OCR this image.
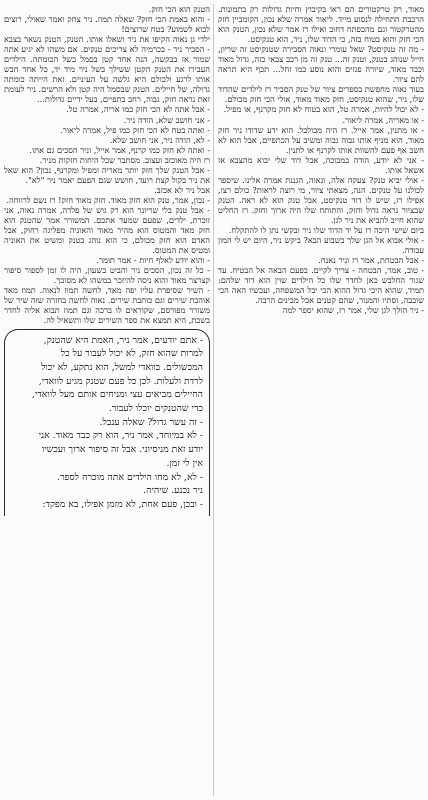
מאוד, רק טרקטורים הם ראו בקיבוץ וחיות גדולות רק בתמונות. הרכבת התחילה לנסוע מייד. ליאור אמרה שלא נכון, הקומביין חזק מהטרקטור וגם מהכפתח דחוב ואילו רז אמר שלא נכון, הטנק הוא הכי חזק והוא בטוח בזה, כי הדוד שלו, ניר, הוא טנקיסט.

- מה זה טנקיסט? שאל עומרי ונאוה הסבירה שטנקיסט זה שריון, חייל שנוהג בטנק, וטנק זה... טנק זה מן רכב צבאי כזה, גדול מאוד וכבד מאוד, שיורה פגזים והוא נוסע כמו זחל... תכף היא תראה להם ציור.

בעוד נאוה מחפשת בספרים ציור של טנק הסביר רז לילדים שהדוד שלו, ניר, שהוא טנקיסט, חזק מאוד מאוד, אולי הכי חזק מכולם.

- לא יכול להיות, אמרה טל, הוא בטוח לא חזק מקרנף, או מפיל.

- או מאריה, אמרה ליאור.

- או מתנין, אמר אייל. רז היה מבולבל. הוא ידע שדודו ניר חזק מאוד, הוא מניף אותו גבוה גבוה ומשיב על הכתפיים, אבל הוא לא חשב אף פעם להשוות אותו לקרנף או לתנין.

- אני לא יודע, הודה במבוכה, אבל דוד שלי יבוא מהצבא אז אשאל אותו.

- אולי יביא טנק? צעקה אלה, ונאוה, הגננת אמרה אלינו. שיספר לכולנו על טנקים. הנה, מצאתי ציור, מי רוצה לראות? כולם רצו, אפילו רז, שיש לו דוד טנקיסט, אבל טנק הוא לא ראה. הטנק שבציור נראה גדול וחזק, והתותח שלו היה ארוך וחזק. רז החליט שהוא חייב להביא את ניר לגן.

ביום שישי היכה רז על יד הדוד שלו ניר ובקשי נתן לו להתקלח.

- אולי אבוא אל הגן שלך בשבוע הבא? ביקש ניר, היום יש לי המון עבודה.

- אבל הבטחת, אמר רז וניר נאנח.

- טוב, אמר, הבטחה - צריך לקיים. בפעם הבאה אל הבטיח. עד שגור החלבש כאן לחדר שלו כל הילדים שוין הוא דוד שלהם: תמיד, שהוא היכי גדול ההוא הכי יבל המשפחה, ועכשיו האה הכי שובבה, וסתיו והמנור, שהם קטנים אבל מבינים הרבה.

- ניר הולך לגן שלי, אמר רז, שהוא יספר למה

הטנק הוא הכי חזק.

- והוא באמת הכי חזק? שאלה תמוז. ניר צחק ואמר שאולי, רוצים לבוא לשמוע? בטח שרוצים!

ילדי גן נאוה הקיפו את ניר ושאלו אותו. הטנק, הטנק נשאר בצבא - הסביר ניר - בכרמיה לא צריכים טנקים. אם משהו לא יגיע אתה שמור אז בבקשה, הנה אחד קטן בסמל בשל הכומתה. הילדים העבירו את הטנק הקטן ששילך בשל ניר מיד יד, כל אחד חבש אותו לרגע ולכולם היא גלשה על העיניים. זאת הייתה כומתה גדולה, של חיילים. הטנק שבסמל היה קטן ולא הרשים. ניר לעומת זאת נראה חזק, גבוה, רחב כתפיים, בעל ידיים גדולות...

- אבל אתה לא הכי חזק כמו אריה, אמרה טל.

- אני חושב שלא, הודה ניר.

- ואתה בטח לא הכי חזק כמו פיל, אמרה ליאור.

- לא, הודה ניר, אני חושב שלא.

- ואתה לא חזק כמו קרנף, אמר אייל, וניר הסכים גם אתו.

רז היה מאוכזב ועצוב. מסתבר שכל היחות חזקות מניר.

- אבל הטנק שלך חזק יותר מאריה ומפיל ומקרנף, נכון? הוא שאל את ניר בקול קצת רועד, חושש שגם הפעם יאמר ניר "לא".

אבל ניר לא אכזב.

- נכון, אמר, טנק הוא חזק מאוד. חזק מאוד חזק! רז נשם לרווחה.

- אבל טנק בלי שריונר הוא רק גוש של פלדה, אמרה נאוה, אני זוכרת, ילדים, שפעם שמעד אתכם. המשורר אמר שהטנק הוא חזק מאד והמטוס הוא מהיר מאוד והאוניה מפליגה רחוק, אבל האדם הוא חזק מכולם, כי הוא נוהג בטנק ומשיט את האוניה ומטיס את המטוס.

- והוא יודע לאלף חיות - אמר תומר.

- כל זה נכון, הסכים ניר והביט בשעון, היה לו זמן לספור סיפור קצרצר מאוד והוא ניסה להיזכר במשהו לא מסובך.

- השיר שסיפרת עליו יפה מאד, לחשה תמוז לנאוה. תמוז מאד אוהבת שירים וגם כותבת שירים. נאוה לחשה בחזרה שזה שיר של משורר מפורסם, שקוראים לו ברכה וגם תמוז תבוא אליה לחדר בשבת, היא תמצא את ספר השירים שלו ותשאיל לה.

- אתם יודעים, אמר ניר, האמת היא שהטנק,
למרות שהוא חזק, לא יכול לעבור על כל
המכשולים. בוואדי למשל, הוא נתקע, לא יכול
לרדת ולעלות. לכן כל פעם שטנק מגיע לוואדי,
החיילים מביאים עצי ומניחים אותם מעל לוואדי,
כדי שהטנקים יוכלו לעבור.
- זה עשר גדול? שאלה ענבל.
- לא במיוחד, אמר ניר, הוא רק כבד מאוד. אני
יודע זאת מניסיוני. אבל זה סיפור ארוך ועכשיו
אין לי זמן.
- לא, לא מחו הילדים אתה מוכרח לספר.
ניר נכנע. שיהיה.
- ובכן, פעם אחת, לא מזמן אפילו, בא מפקד:
